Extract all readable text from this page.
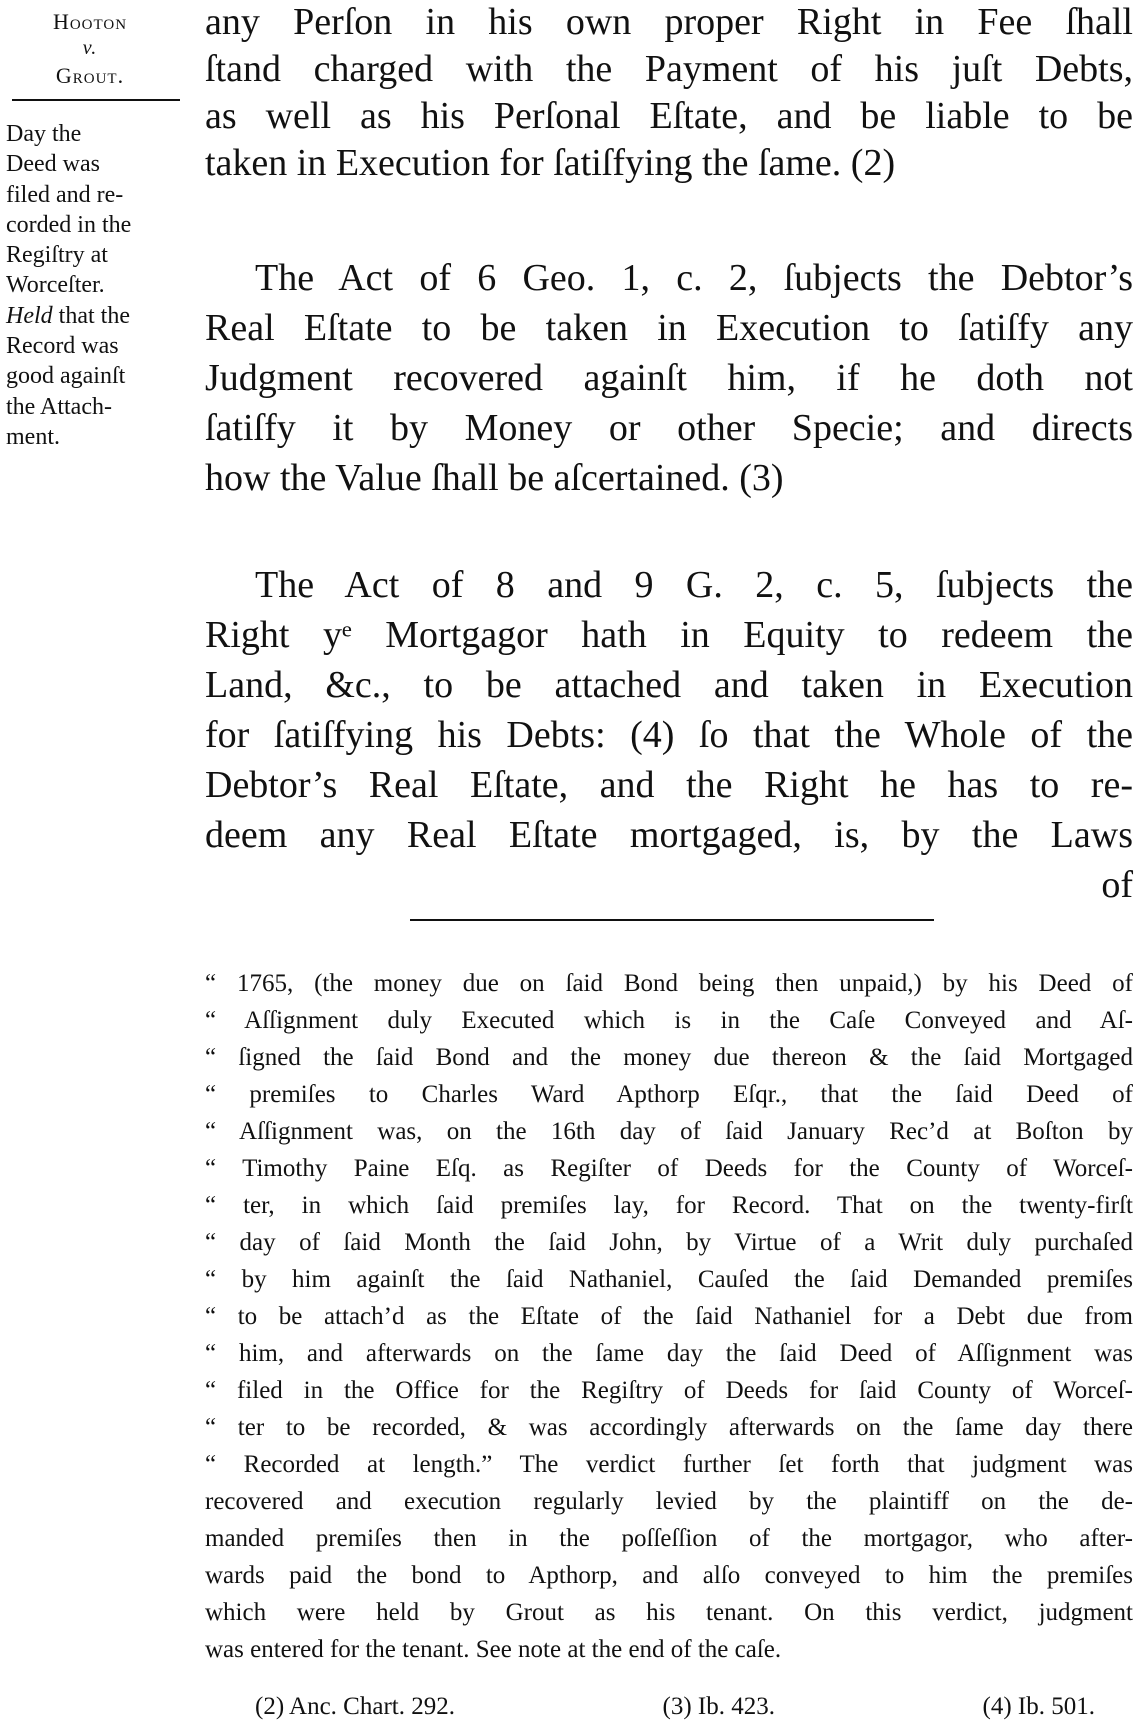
Hooton
v.
Grout.
Day the
Deed was
filed and re-
corded in the
Regiſtry at
Worceſter.
Held that the
Record was
good againſt
the Attach-
ment.
any Perſon in his own proper Right in Fee ſhall
ſtand charged with the Payment of his juſt Debts,
as well as his Perſonal Eſtate, and be liable to be
taken in Execution for ſatiſfying the ſame. (2)
The Act of 6 Geo. 1, c. 2, ſubjects the Debtor’s
Real Eſtate to be taken in Execution to ſatiſfy any
Judgment recovered againſt him, if he doth not
ſatiſfy it by Money or other Specie; and directs
how the Value ſhall be aſcertained. (3)
The Act of 8 and 9 G. 2, c. 5, ſubjects the
Right yᵉ Mortgagor hath in Equity to redeem the
Land, &c., to be attached and taken in Execution
for ſatiſfying his Debts: (4) ſo that the Whole of the
Debtor’s Real Eſtate, and the Right he has to re-
deem any Real Eſtate mortgaged, is, by the Laws
of
“ 1765, (the money due on ſaid Bond being then unpaid,) by his Deed of
“ Aſſignment duly Executed which is in the Caſe Conveyed and Aſ-
“ ſigned the ſaid Bond and the money due thereon & the ſaid Mortgaged
“ premiſes to Charles Ward Apthorp Eſqr., that the ſaid Deed of
“ Aſſignment was, on the 16th day of ſaid January Rec’d at Boſton by
“ Timothy Paine Eſq. as Regiſter of Deeds for the County of Worceſ-
“ ter, in which ſaid premiſes lay, for Record. That on the twenty-firſt
“ day of ſaid Month the ſaid John, by Virtue of a Writ duly purchaſed
“ by him againſt the ſaid Nathaniel, Cauſed the ſaid Demanded premiſes
“ to be attach’d as the Eſtate of the ſaid Nathaniel for a Debt due from
“ him, and afterwards on the ſame day the ſaid Deed of Aſſignment was
“ filed in the Office for the Regiſtry of Deeds for ſaid County of Worceſ-
“ ter to be recorded, & was accordingly afterwards on the ſame day there
“ Recorded at length.” The verdict further ſet forth that judgment was
recovered and execution regularly levied by the plaintiff on the de-
manded premiſes then in the poſſeſſion of the mortgagor, who after-
wards paid the bond to Apthorp, and alſo conveyed to him the premiſes
which were held by Grout as his tenant. On this verdict, judgment
was entered for the tenant. See note at the end of the caſe.
(2) Anc. Chart. 292.	(3) Ib. 423.	(4) Ib. 501.
